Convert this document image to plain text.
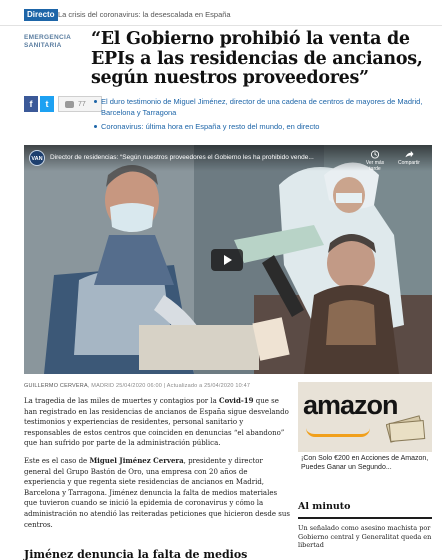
Directo La crisis del coronavirus: la desescalada en España
EMERGENCIA SANITARIA	“El Gobierno prohibió la venta de EPIs a las residencias de ancianos, según nuestros proveedores”
f	t	77	El duro testimonio de Miguel Jiménez, director de una cadena de centros de mayores de Madrid, Barcelona y Tarragona
Coronavirus: última hora en España y resto del mundo, en directo
VAN	Director de residencias: “Según nuestros proveedores el Gobierno les ha prohibido vende...
Ver más tarde
Compartir
GUILLERMO CERVERA, MADRID 25/04/2020 06:00 | Actualizado a 25/04/2020 10:47

La tragedia de las miles de muertes y contagios por la Covid-19 que se han registrado en las residencias de ancianos de España sigue desvelando testimonios y experiencias de residentes, personal sanitario y responsables de estos centros que coinciden en denuncias “el abandono” que han sufrido por parte de la administración pública.

Este es el caso de Miguel Jiménez Cervera, presidente y director general del Grupo Bastón de Oro, una empresa con 20 años de experiencia y que regenta siete residencias de ancianos en Madrid, Barcelona y Tarragona. Jiménez denuncia la falta de medios materiales que tuvieron cuando se inició la epidemia de coronavirus y cómo la administración no atendió las reiteradas peticiones que hicieron desde sus centros.

Jiménez denuncia la falta de medios
amazon
¡Con Solo €200 en Acciones de Amazon, Puedes Ganar un Segundo...
Al minuto
Un señalado como asesino machista por Gobierno central y Generalitat queda en libertad
